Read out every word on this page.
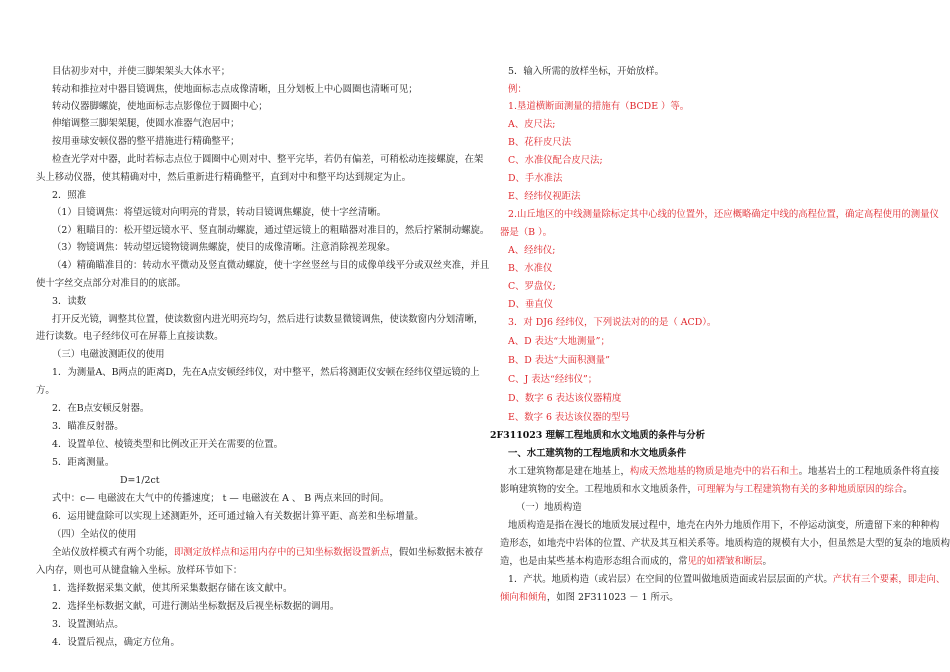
目估初步对中，并使三脚架架头大体水平；
转动和推拉对中器目镜调焦，使地面标志点成像清晰，且分划板上中心圆圈也清晰可见；
转动仪器脚螺旋，使地面标志点影像位于圆圈中心；
伸缩调整三脚架架腿，使圆水准器气泡居中；
按用垂球安顿仪器的整平措施进行精确整平；
检查光学对中器，此时若标志点位于圆圈中心则对中、整平完毕，若仍有偏差，可稍松动连接螺旋，在架
头上移动仪器，使其精确对中，然后重新进行精确整平，直到对中和整平均达到规定为止。
2．照准
（1）目镜调焦：将望远镜对向明亮的背景，转动目镜调焦螺旋，使十字丝清晰。
（2）粗瞄目的：松开望远镜水平、竖直制动螺旋，通过望远镜上的粗瞄器对准目的，然后拧紧制动螺旋。
（3）物镜调焦：转动望远镜物镜调焦螺旋，使目的成像清晰。注意消除视差现象。
（4）精确瞄准目的：转动水平微动及竖直微动螺旋，使十字丝竖丝与目的成像单线平分或双丝夹准，并且
使十字丝交点部分对准目的的底部。
3．读数
打开反光镜，调整其位置，使读数窗内进光明亮均匀，然后进行读数显微镜调焦，使读数窗内分划清晰，
进行读数。电子经纬仪可在屏幕上直接读数。
（三）电磁波测距仪的使用
1．为测量A、B两点的距离D，先在A点安顿经纬仪，对中整平，然后将测距仪安顿在经纬仪望远镜的上
方。
2．在B点安顿反射器。
3．瞄准反射器。
4．设置单位、棱镜类型和比例改正开关在需要的位置。
5．距离测量。
D=1/2ct
式中：c— 电磁波在大气中的传播速度； t — 电磁波在 A 、 B 两点来回的时间。
6．运用键盘除可以实现上述测距外，还可通过输入有关数据计算平距、高差和坐标增量。
（四）全站仪的使用
全站仪放样模式有两个功能，即测定放样点和运用内存中的已知坐标数据设置新点，假如坐标数据未被存
入内存，则也可从键盘输入坐标。放样环节如下：
1．选择数据采集文献，使其所采集数据存储在该文献中。
2．选择坐标数据文献，可进行测站坐标数据及后视坐标数据的调用。
3．设置测站点。
4．设置后视点，确定方位角。
5．输入所需的放样坐标，开始放样。
例：
1.垦道横断面测量的措施有（BCDE ）等。
A、皮尺法;
B、花秆皮尺法
C、水准仪配合皮尺法;
D、手水准法
E、经纬仪视距法
2.山丘地区的中线测量除标定其中心线的位置外，还应概略确定中线的高程位置，确定高程使用的测量仪
器是（B ）。
A、经纬仪;
B、水准仪
C、罗盘仪;
D、垂直仪
3．对 DJ6 经纬仪，下列说法对的的是（ ACD）。
A、D 表达“大地测量”；
B、D 表达“大面积测量”
C、J 表达“经纬仪”；
D、数字 6 表达该仪器精度
E、数字 6 表达该仪器的型号
2F311023 理解工程地质和水文地质的条件与分析
一、水工建筑物的工程地质和水文地质条件
水工建筑物都是建在地基上，构成天然地基的物质是地壳中的岩石和土。地基岩土的工程地质条件将直接
影响建筑物的安全。工程地质和水文地质条件，可理解为与工程建筑物有关的多种地质原因的综合。
（一）地质构造
地质构造是指在漫长的地质发展过程中，地壳在内外力地质作用下，不停运动演变，所遗留下来的种种构
造形态，如地壳中岩体的位置、产状及其互相关系等。地质构造的规模有大小，但虽然是大型的复杂的地质构
造，也是由某些基本构造形态组合而成的，常见的如褶皱和断层。
1．产状。地质构造（或岩层）在空间的位置叫做地质造面或岩层层面的产状。产状有三个要素，即走向、
倾向和倾角，如图 2F311023 － 1 所示。
